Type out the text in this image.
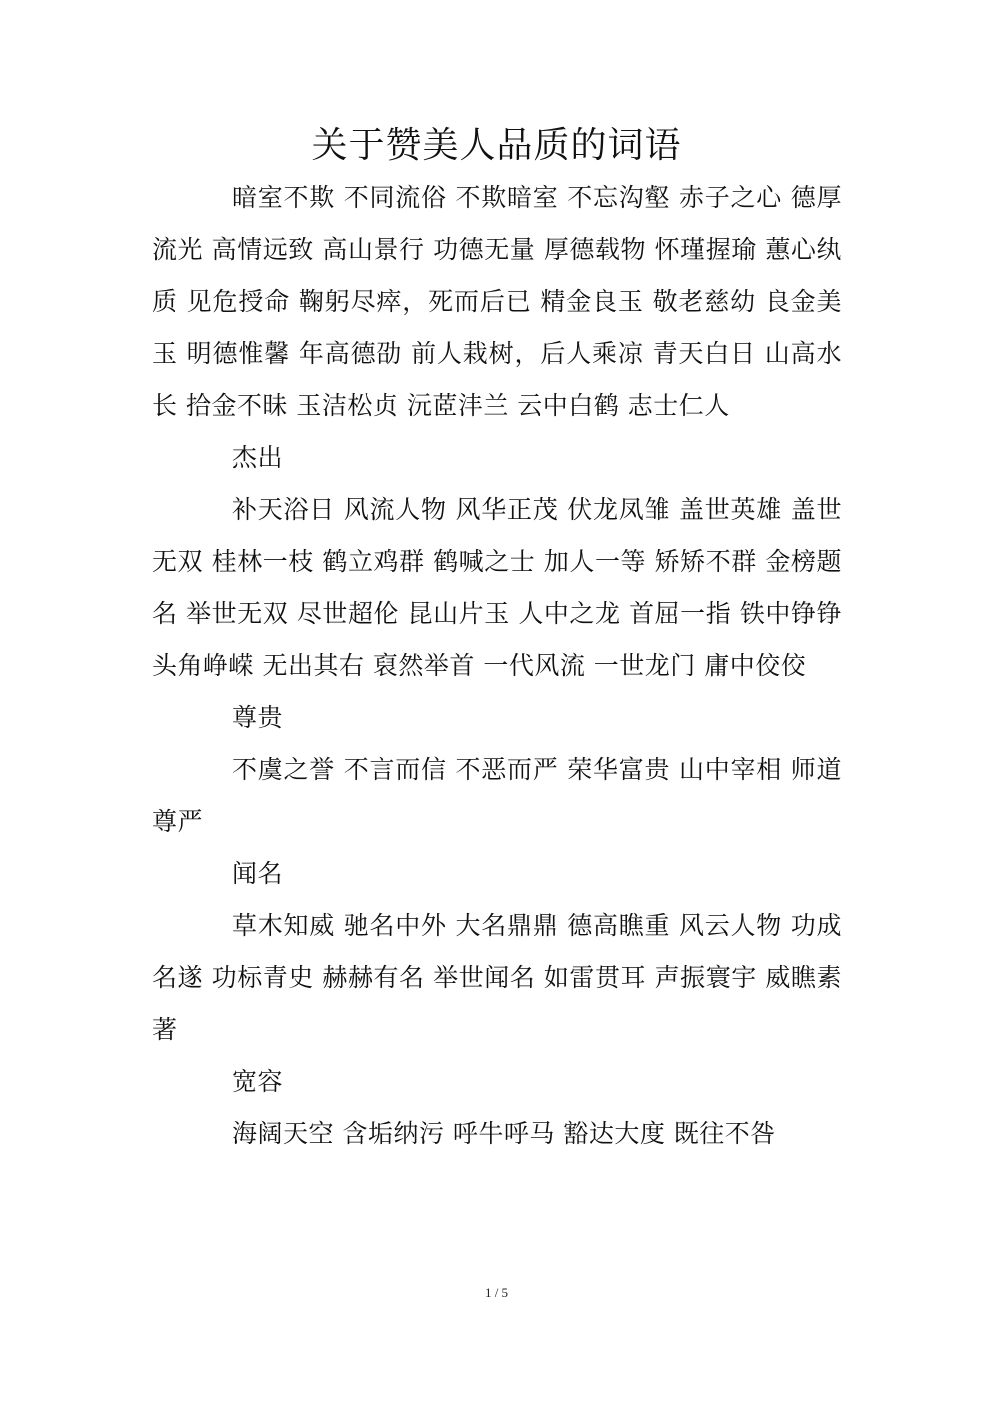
关于赞美人品质的词语

暗室不欺 不同流俗 不欺暗室 不忘沟壑 赤子之心 德厚流光 高情远致 高山景行 功德无量 厚德载物 怀瑾握瑜 蕙心纨质 见危授命 鞠躬尽瘁，死而后已 精金良玉 敬老慈幼 良金美玉 明德惟馨 年高德劭 前人栽树，后人乘凉 青天白日 山高水长 拾金不昧 玉洁松贞 沅茝沣兰 云中白鹤 志士仁人

杰出

补天浴日 风流人物 风华正茂 伏龙凤雏 盖世英雄 盖世无双 桂林一枝 鹤立鸡群 鹤喊之士 加人一等 矫矫不群 金榜题名 举世无双 尽世超伦 昆山片玉 人中之龙 首屈一指 铁中铮铮 头角峥嵘 无出其右 裒然举首 一代风流 一世龙门 庸中佼佼

尊贵

不虞之誉 不言而信 不恶而严 荣华富贵 山中宰相 师道尊严

闻名

草木知威 驰名中外 大名鼎鼎 德高瞧重 风云人物 功成名遂 功标青史 赫赫有名 举世闻名 如雷贯耳 声振寰宇 威瞧素著

宽容

海阔天空 含垢纳污 呼牛呼马 豁达大度 既往不咎

1 / 5
